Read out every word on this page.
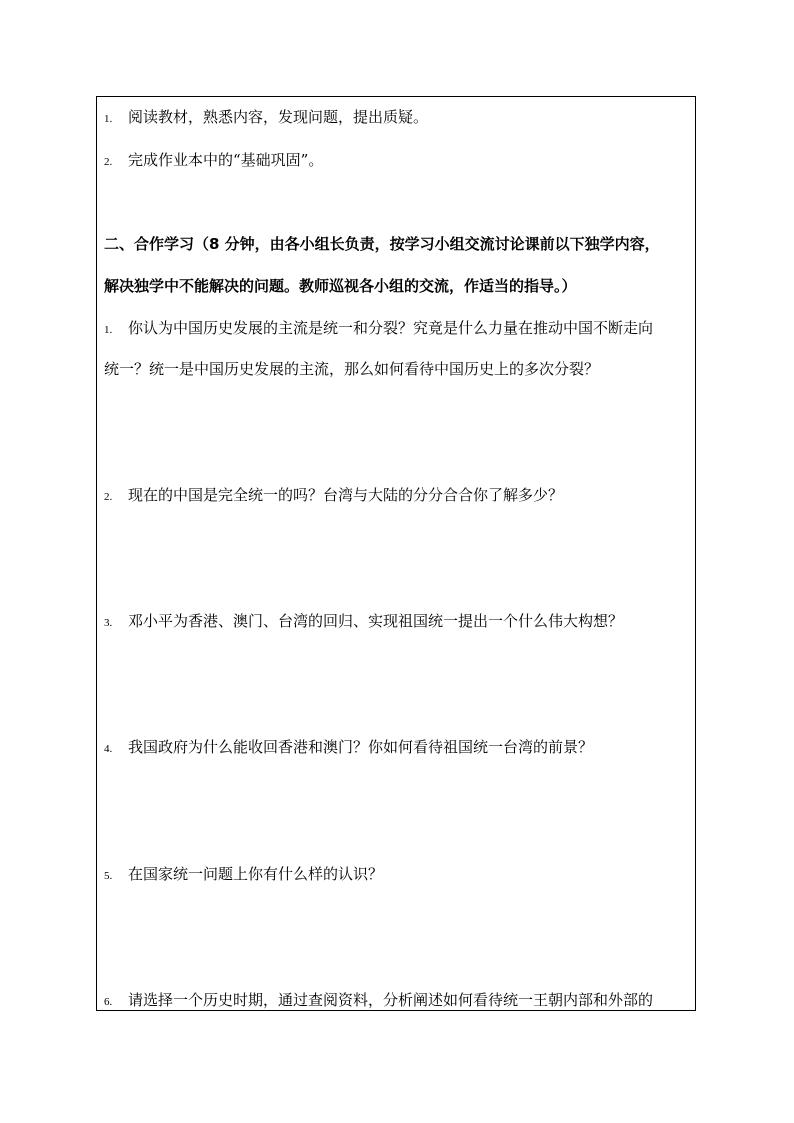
1. 阅读教材，熟悉内容，发现问题，提出质疑。
2. 完成作业本中的“基础巩固”。
二、合作学习（8 分钟，由各小组长负责，按学习小组交流讨论课前以下独学内容，
解决独学中不能解决的问题。教师巡视各小组的交流，作适当的指导。）
1. 你认为中国历史发展的主流是统一和分裂？究竟是什么力量在推动中国不断走向
统一？统一是中国历史发展的主流，那么如何看待中国历史上的多次分裂？
2. 现在的中国是完全统一的吗？台湾与大陆的分分合合你了解多少？
3. 邓小平为香港、澳门、台湾的回归、实现祖国统一提出一个什么伟大构想？
4. 我国政府为什么能收回香港和澳门？你如何看待祖国统一台湾的前景？
5. 在国家统一问题上你有什么样的认识？
6. 请选择一个历史时期，通过查阅资料，分析阐述如何看待统一王朝内部和外部的
